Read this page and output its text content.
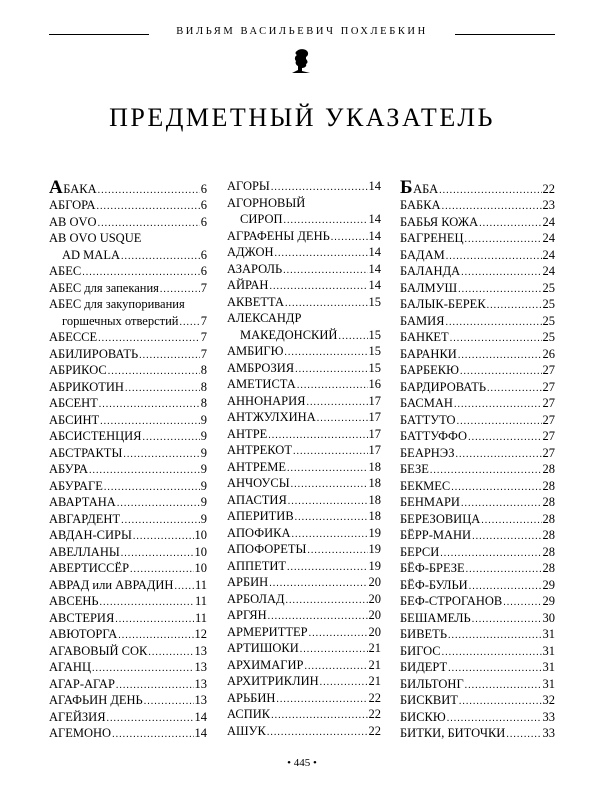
ВИЛЬЯМ ВАСИЛЬЕВИЧ ПОХЛЕБКИН
ПРЕДМЕТНЫЙ УКАЗАТЕЛЬ
АБАКА .....	6
АБГОРА .....	6
AB OVO .....	6
AB OVO USQUE
AD MALA .....	6
АБЕС .....	6
АБЕС для запекания .....	7
АБЕС для закупоривания
горшечных отверстий ..... 7
АБЕССЕ .....	7
АБИЛИРОВАТЬ .....	7
АБРИКОС .....	8
АБРИКОТИН .....	8
АБСЕНТ .....	8
АБСИНТ .....	9
АБСИСТЕНЦИЯ .....	9
АБСТРАКТЫ .....	9
АБУРА .....	9
АБУРАГЕ .....	9
АВАРТАНА .....	9
АВГАРДЕНТ .....	9
АВДАН-СИРЫ .....	10
АВЕЛЛАНЫ .....	10
АВЕРТИССЁР .....	10
АВРАД или АВРАДИН ..... 11
АВСЕНЬ .....	11
АВСТЕРИЯ .....	11
АВЮТОРГА .....	12
АГАВОВЫЙ СОК .....	13
АГАНЦ .....	13
АГАР-АГАР .....	13
АГАФЬИН ДЕНЬ .....	13
АГЕЙЗИЯ .....	14
АГЕМОНО .....	14
АГОРЫ .....	14
АГОРНОВЫЙ
СИРОП .....	14
АГРАФЕНЫ ДЕНЬ .....	14
АДЖОН .....	14
АЗАРОЛЬ .....	14
АЙРАН .....	14
АКВЕТТА .....	15
АЛЕКСАНДР
МАКЕДОНСКИЙ ..... 15
АМБИГЮ .....	15
АМБРОЗИЯ .....	15
АМЕТИСТА .....	16
АННОНАРИЯ .....	17
АНТЖУЛХИНА .....	17
АНТРЕ .....	17
АНТРЕКОТ .....	17
АНТРЕМЕ .....	18
АНЧОУСЫ .....	18
АПАСТИЯ .....	18
АПЕРИТИВ .....	18
АПОФИКА .....	19
АПОФОРЕТЫ .....	19
АППЕТИТ .....	19
АРБИН .....	20
АРБОЛАД .....	20
АРГЯН .....	20
АРМЕРИТТЕР .....	20
АРТИШОКИ .....	21
АРХИМАГИР .....	21
АРХИТРИКЛИН .....	21
АРЬБИН .....	22
АСПИК .....	22
АШУК .....	22
БАБА .....	22
БАБКА .....	23
БАБЬЯ КОЖА .....	24
БАГРЕНЕЦ .....	24
БАДАМ .....	24
БАЛАНДА .....	24
БАЛМУШ .....	25
БАЛЫК-БЕРЕК .....	25
БАМИЯ .....	25
БАНКЕТ .....	25
БАРАНКИ .....	26
БАРБЕКЮ .....	27
БАРДИРОВАТЬ .....	27
БАСМАН .....	27
БАТТУТО .....	27
БАТТУФФО .....	27
БЕАРНЭЗ .....	27
БЕЗЕ .....	28
БЕКМЕС .....	28
БЕНМАРИ .....	28
БЕРЕЗОВИЦА .....	28
БЁРР-МАНИ .....	28
БЕРСИ .....	28
БЁФ-БРЕЗЕ .....	28
БЁФ-БУЛЬИ .....	29
БЕФ-СТРОГАНОВ .....	29
БЕШАМЕЛЬ .....	30
БИВЕТЬ .....	31
БИГОС .....	31
БИДЕРТ .....	31
БИЛЬТОНГ .....	31
БИСКВИТ .....	32
БИСКЮ .....	33
БИТКИ, БИТОЧКИ .....	33
• 445 •
